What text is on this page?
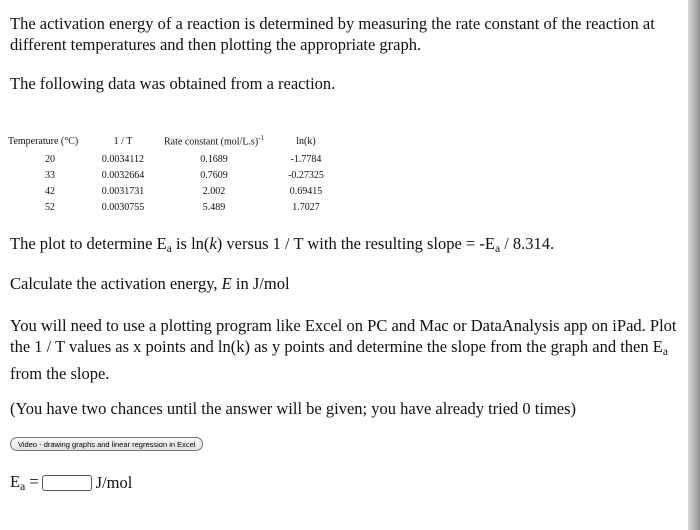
The activation energy of a reaction is determined by measuring the rate constant of the reaction at different temperatures and then plotting the appropriate graph.

The following data was obtained from a reaction.

Temperature (°C)	1 / T	Rate constant $(mol/L.s)^{-1}$	ln(k)
20	0.0034112	0.1689	-1.7784
33	0.0032664	0.7609	-0.27325
42	0.0031731	2.002	0.69415
52	0.0030755	5.489	1.7027

The plot to determine $E_a$ is ln(k) versus 1 / T with the resulting slope = $-E_a / 8.314$.

Calculate the activation energy, E in J/mol

You will need to use a plotting program like Excel on PC and Mac or DataAnalysis app on iPad. Plot the 1 / T values as x points and ln(k) as y points and determine the slope from the graph and then $E_a$ from the slope.

(You have two chances until the answer will be given; you have already tried 0 times)

Video - drawing graphs and linear regression in Excel
$E_a$ =	J/mol
